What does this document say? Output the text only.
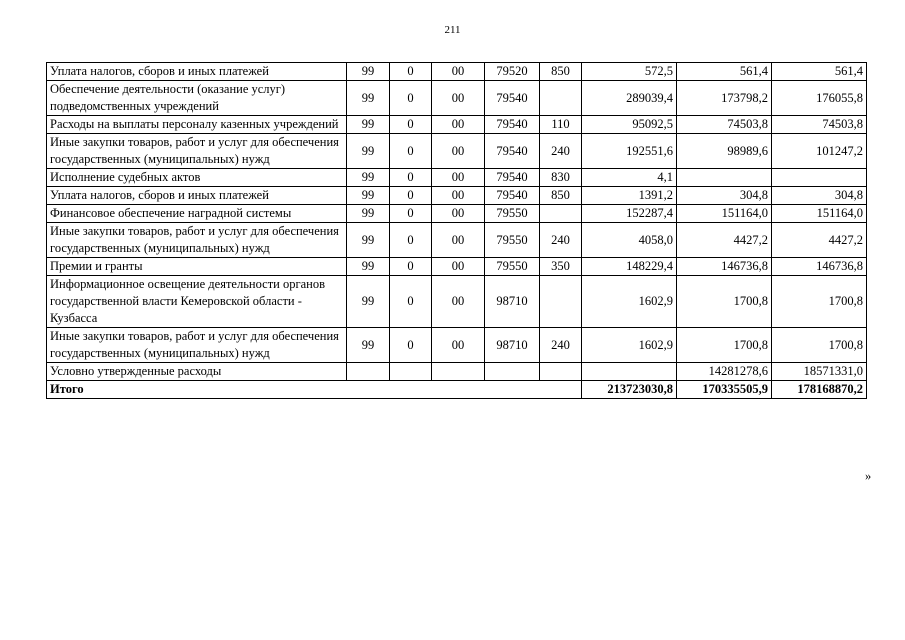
211
Уплата налогов, сборов и иных платежей	99	0	00	79520	850	572,5	561,4	561,4
Обеспечение деятельности (оказание услуг) подведомственных учреждений	99	0	00	79540		289039,4	173798,2	176055,8
Расходы на выплаты персоналу казенных учреждений	99	0	00	79540	110	95092,5	74503,8	74503,8
Иные закупки товаров, работ и услуг для обеспечения государственных (муниципальных) нужд	99	0	00	79540	240	192551,6	98989,6	101247,2
Исполнение судебных актов	99	0	00	79540	830	4,1		
Уплата налогов, сборов и иных платежей	99	0	00	79540	850	1391,2	304,8	304,8
Финансовое обеспечение наградной системы	99	0	00	79550		152287,4	151164,0	151164,0
Иные закупки товаров, работ и услуг для обеспечения государственных (муниципальных) нужд	99	0	00	79550	240	4058,0	4427,2	4427,2
Премии и гранты	99	0	00	79550	350	148229,4	146736,8	146736,8
Информационное освещение деятельности органов государственной власти Кемеровской области - Кузбасса	99	0	00	98710		1602,9	1700,8	1700,8
Иные закупки товаров, работ и услуг для обеспечения государственных (муниципальных) нужд	99	0	00	98710	240	1602,9	1700,8	1700,8
Условно утвержденные расходы							14281278,6	18571331,0
Итого						213723030,8	170335505,9	178168870,2
»
